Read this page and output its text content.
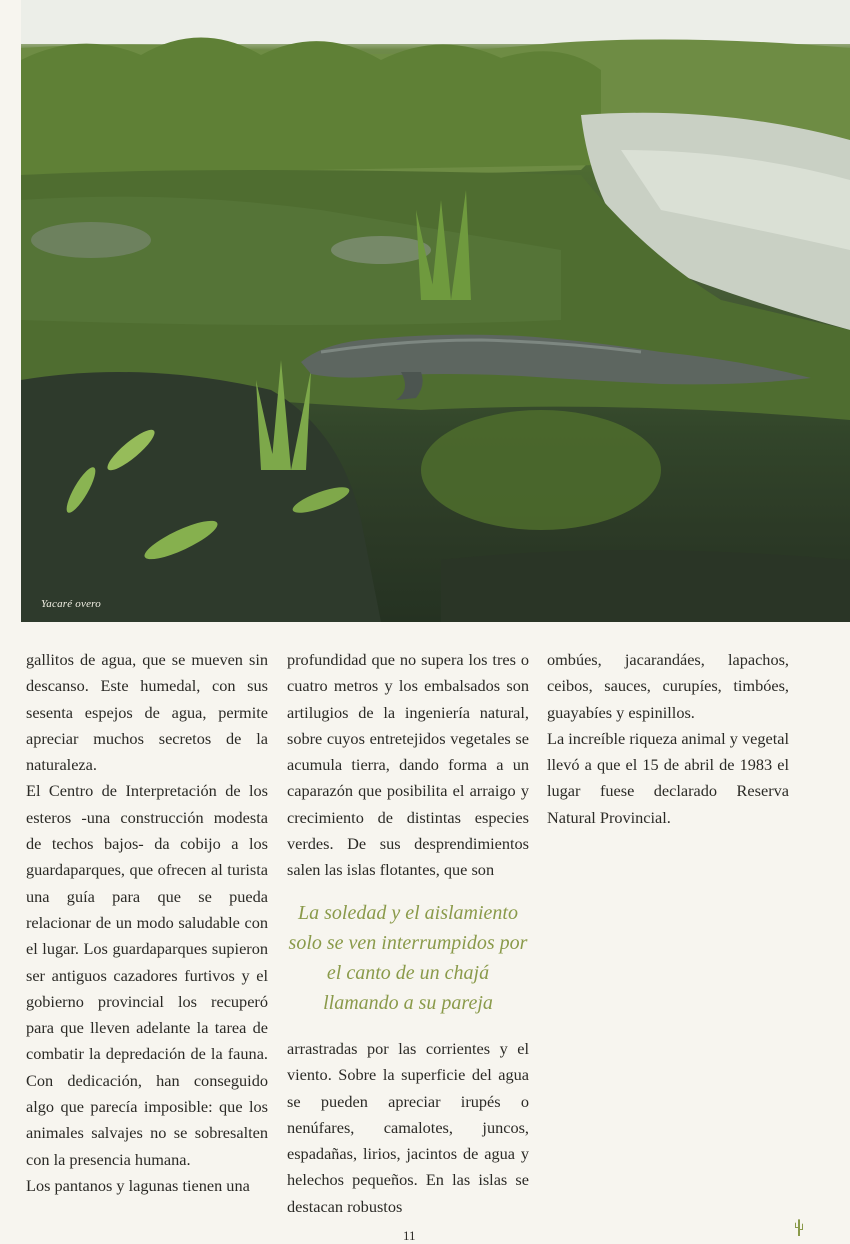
Yacaré overo

gallitos de agua, que se mueven sin descanso. Este humedal, con sus sesenta espejos de agua, permite apreciar muchos secretos de la naturaleza.

El Centro de Interpretación de los esteros -una construcción modesta de techos bajos- da cobijo a los guardaparques, que ofrecen al turista una guía para que se pueda relacionar de un modo saludable con el lugar. Los guardaparques supieron ser antiguos cazadores furtivos y el gobierno provincial los recuperó para que lleven adelante la tarea de combatir la depredación de la fauna. Con dedicación, han conseguido algo que parecía imposible: que los animales salvajes no se sobresalten con la presencia humana.

Los pantanos y lagunas tienen una

profundidad que no supera los tres o cuatro metros y los embalsados son artilugios de la ingeniería natural, sobre cuyos entretejidos vegetales se acumula tierra, dando forma a un caparazón que posibilita el arraigo y crecimiento de distintas especies verdes. De sus desprendimientos salen las islas flotantes, que son

La soledad y el aislamiento solo se ven interrumpidos por el canto de un chajá llamando a su pareja

arrastradas por las corrientes y el viento. Sobre la superficie del agua se pueden apreciar irupés o nenúfares, camalotes, juncos, espadañas, lirios, jacintos de agua y helechos pequeños. En las islas se destacan robustos

ombúes, jacarandáes, lapachos, ceibos, sauces, curupíes, timbóes, guayabíes y espinillos.

La increíble riqueza animal y vegetal llevó a que el 15 de abril de 1983 el lugar fuese declarado Reserva Natural Provincial.

11
